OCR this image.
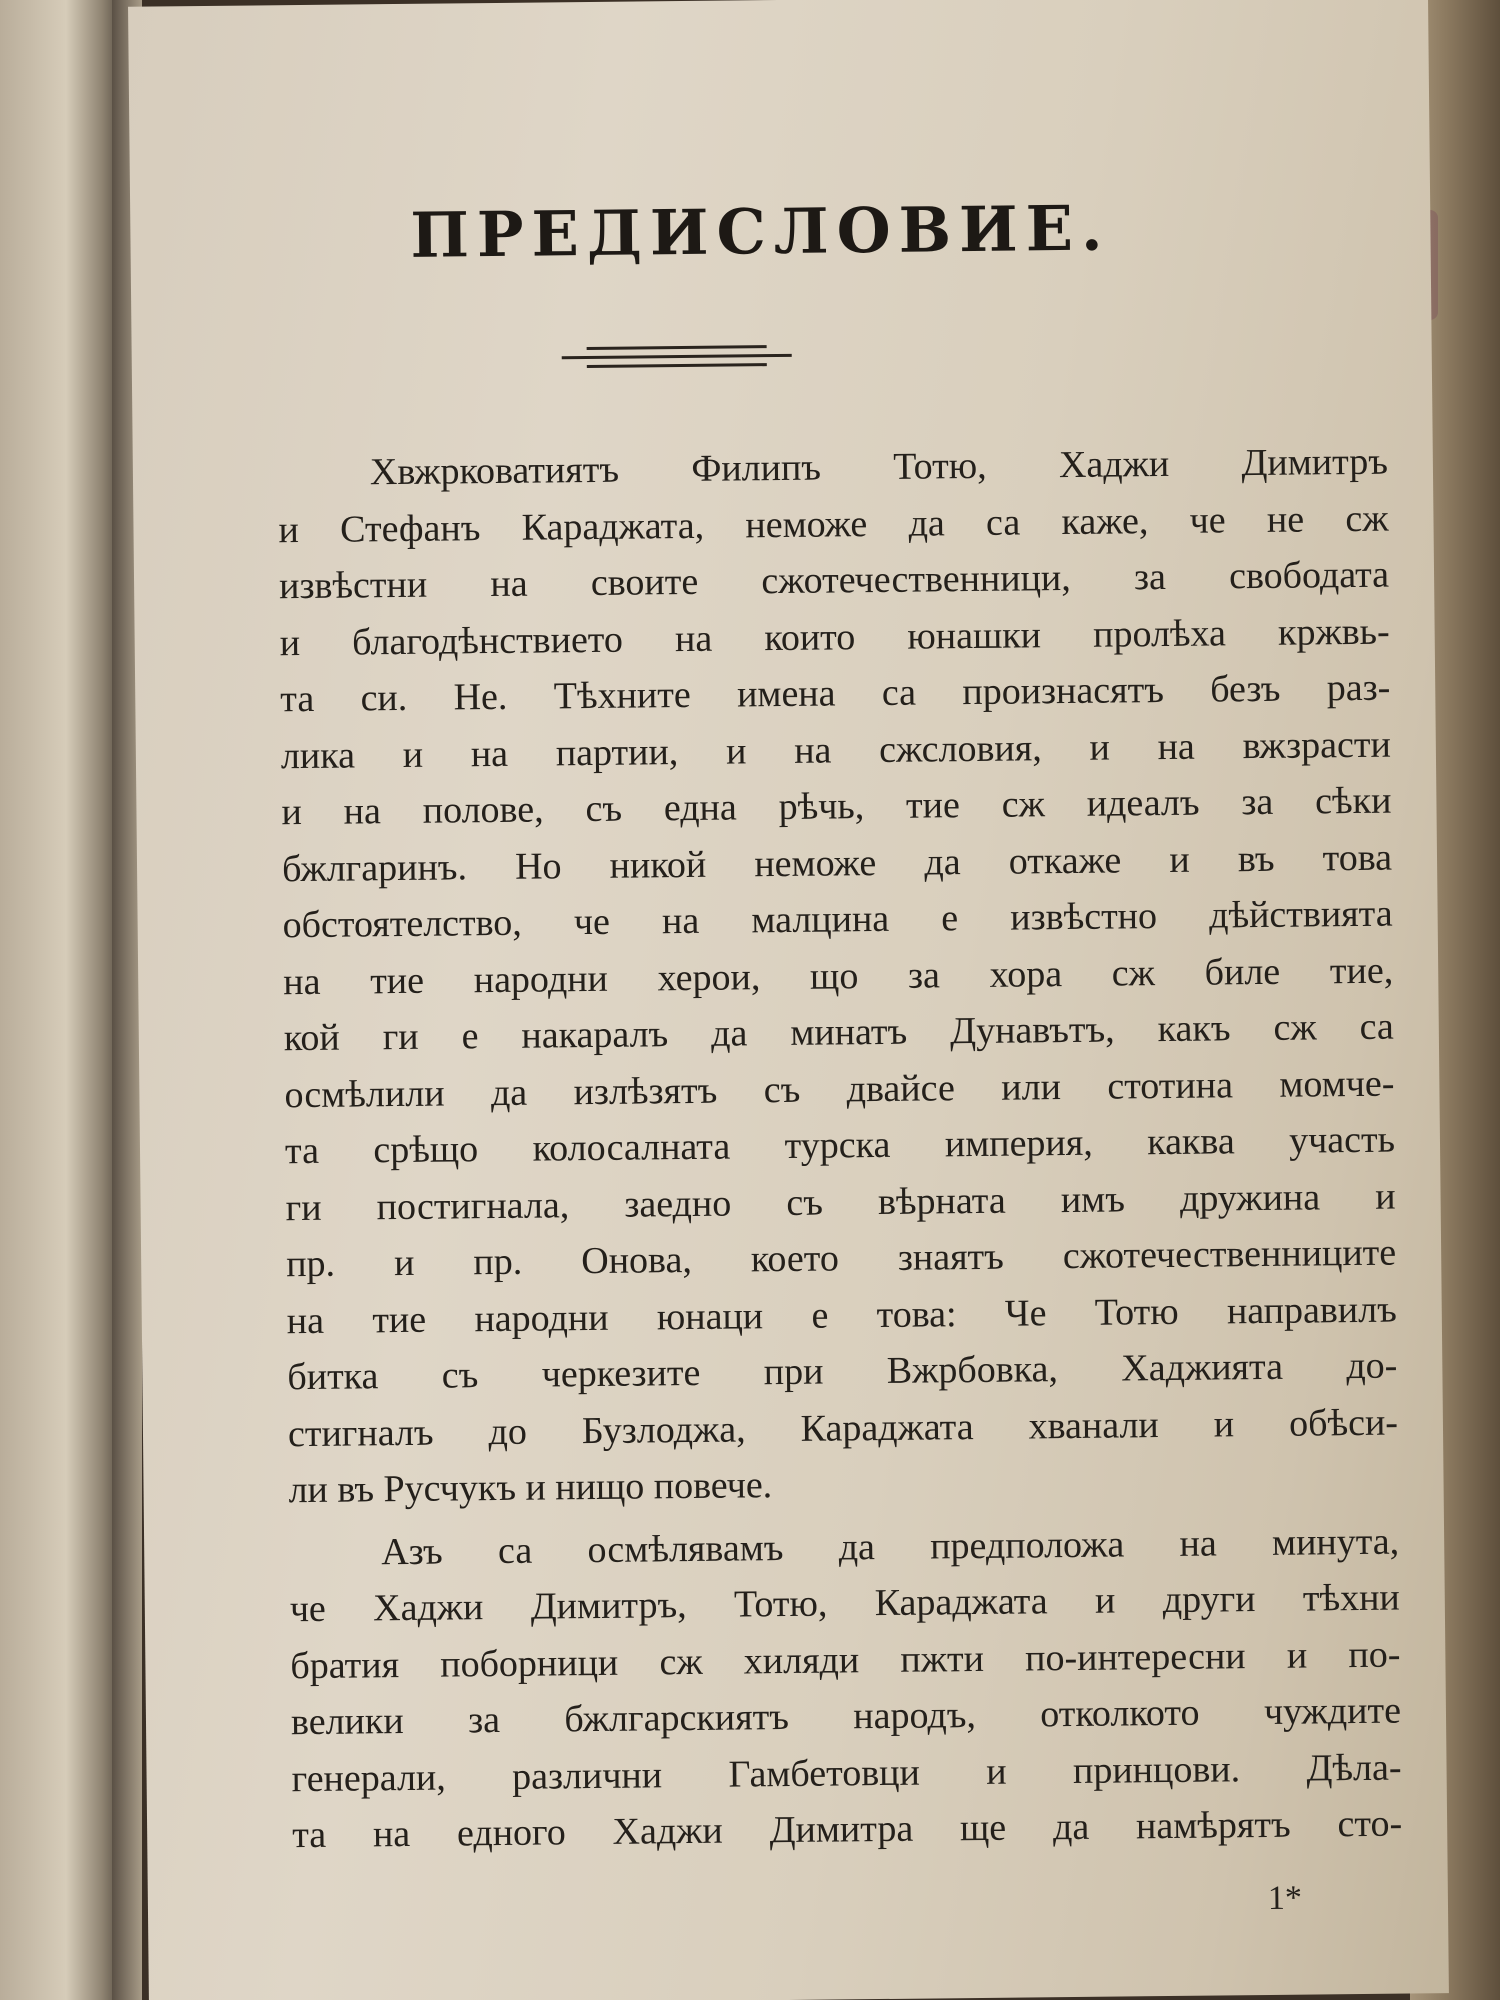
ПРЕДИСЛОВИЕ.
Хвжрковатиятъ Филипъ Тотю, Хаджи Димитръ
и Стефанъ Караджата, неможе да са каже, че не сж
извѣстни на своите сжотечественници, за свободата
и благодѣнствието на които юнашки пролѣха кржвь-
та си. Не. Тѣхните имена са произнасятъ безъ раз-
лика и на партии, и на сжсловия, и на вжзрасти
и на полове, съ една рѣчь, тие сж идеалъ за сѣки
бжлгаринъ. Но никой неможе да откаже и въ това
обстоятелство, че на малцина е извѣстно дѣйствията
на тие народни херои, що за хора сж биле тие,
кой ги е накаралъ да минатъ Дунавътъ, какъ сж са
осмѣлили да излѣзятъ съ двайсе или стотина момче-
та срѣщо колосалната турска империя, каква участь
ги постигнала, заедно съ вѣрната имъ дружина и
пр. и пр. Онова, което знаятъ сжотечественниците
на тие народни юнаци е това: Че Тотю направилъ
битка съ черкезите при Вжрбовка, Хаджията до-
стигналъ до Бузлоджа, Караджата хванали и обѣси-
ли въ Русчукъ и нищо повече.
Азъ са осмѣлявамъ да предположа на минута,
че Хаджи Димитръ, Тотю, Караджата и други тѣхни
братия поборници сж хиляди пжти по-интересни и по-
велики за бжлгарскиятъ народъ, отколкото чуждите
генерали, различни Гамбетовци и принцови. Дѣла-
та на едного Хаджи Димитра ще да намѣрятъ сто-
1*
